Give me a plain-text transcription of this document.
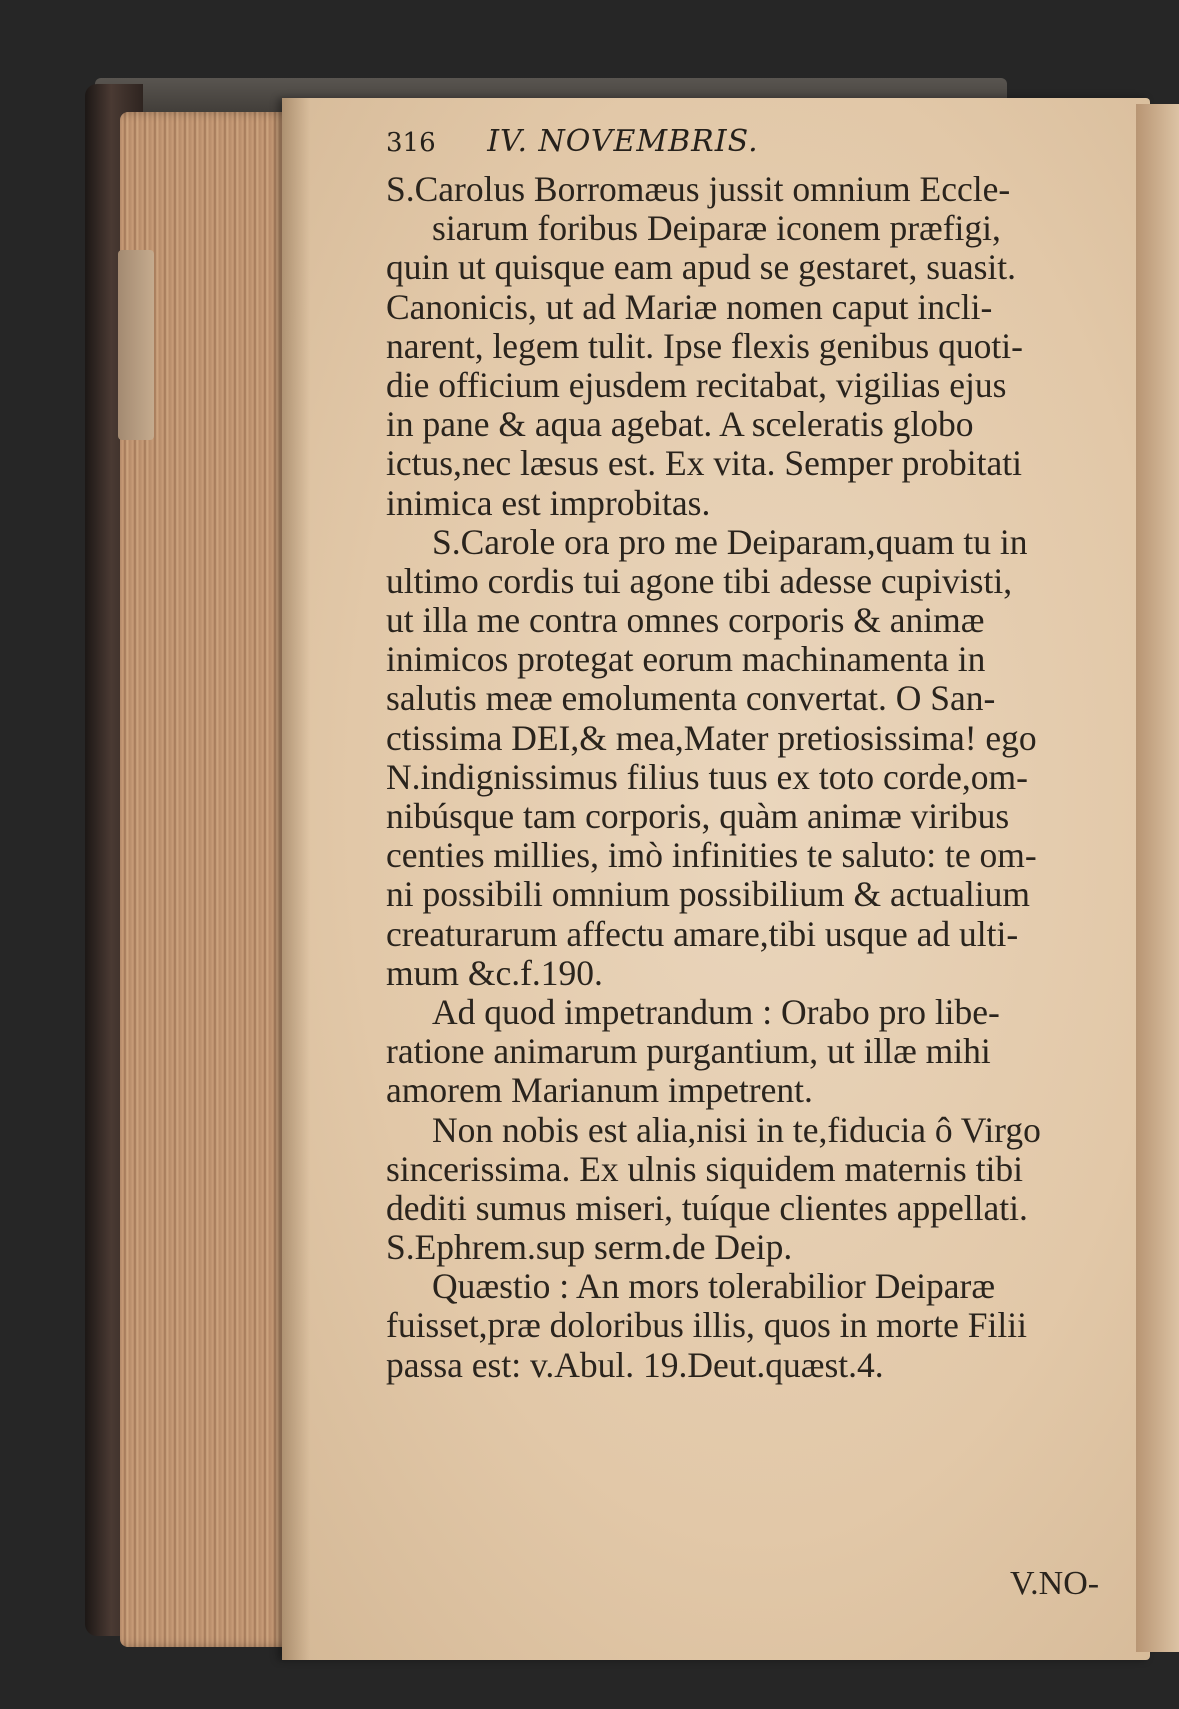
316 IV. NOVEMBRIS.
S.Carolus Borromæus jussit omnium Eccle-
siarum foribus Deiparæ iconem præfigi,
quin ut quisque eam apud se gestaret, suasit.
Canonicis, ut ad Mariæ nomen caput incli-
narent, legem tulit. Ipse flexis genibus quoti-
die officium ejusdem recitabat, vigilias ejus
in pane & aqua agebat. A sceleratis globo
ictus,nec læsus est. Ex vita. Semper probitati
inimica est improbitas.
S.Carole ora pro me Deiparam,quam tu in
ultimo cordis tui agone tibi adesse cupivisti,
ut illa me contra omnes corporis & animæ
inimicos protegat eorum machinamenta in
salutis meæ emolumenta convertat. O San-
ctissima DEI,& mea,Mater pretiosissima! ego
N.indignissimus filius tuus ex toto corde,om-
nibúsque tam corporis, quàm animæ viribus
centies millies, imò infinities te saluto: te om-
ni possibili omnium possibilium & actualium
creaturarum affectu amare,tibi usque ad ulti-
mum &c.f.190.
Ad quod impetrandum : Orabo pro libe-
ratione animarum purgantium, ut illæ mihi
amorem Marianum impetrent.
Non nobis est alia,nisi in te,fiducia ô Virgo
sincerissima. Ex ulnis siquidem maternis tibi
dediti sumus miseri, tuíque clientes appellati.
S.Ephrem.sup serm.de Deip.
Quæstio : An mors tolerabilior Deiparæ
fuisset,præ doloribus illis, quos in morte Filii
passa est: v.Abul. 19.Deut.quæst.4.
V.NO-
